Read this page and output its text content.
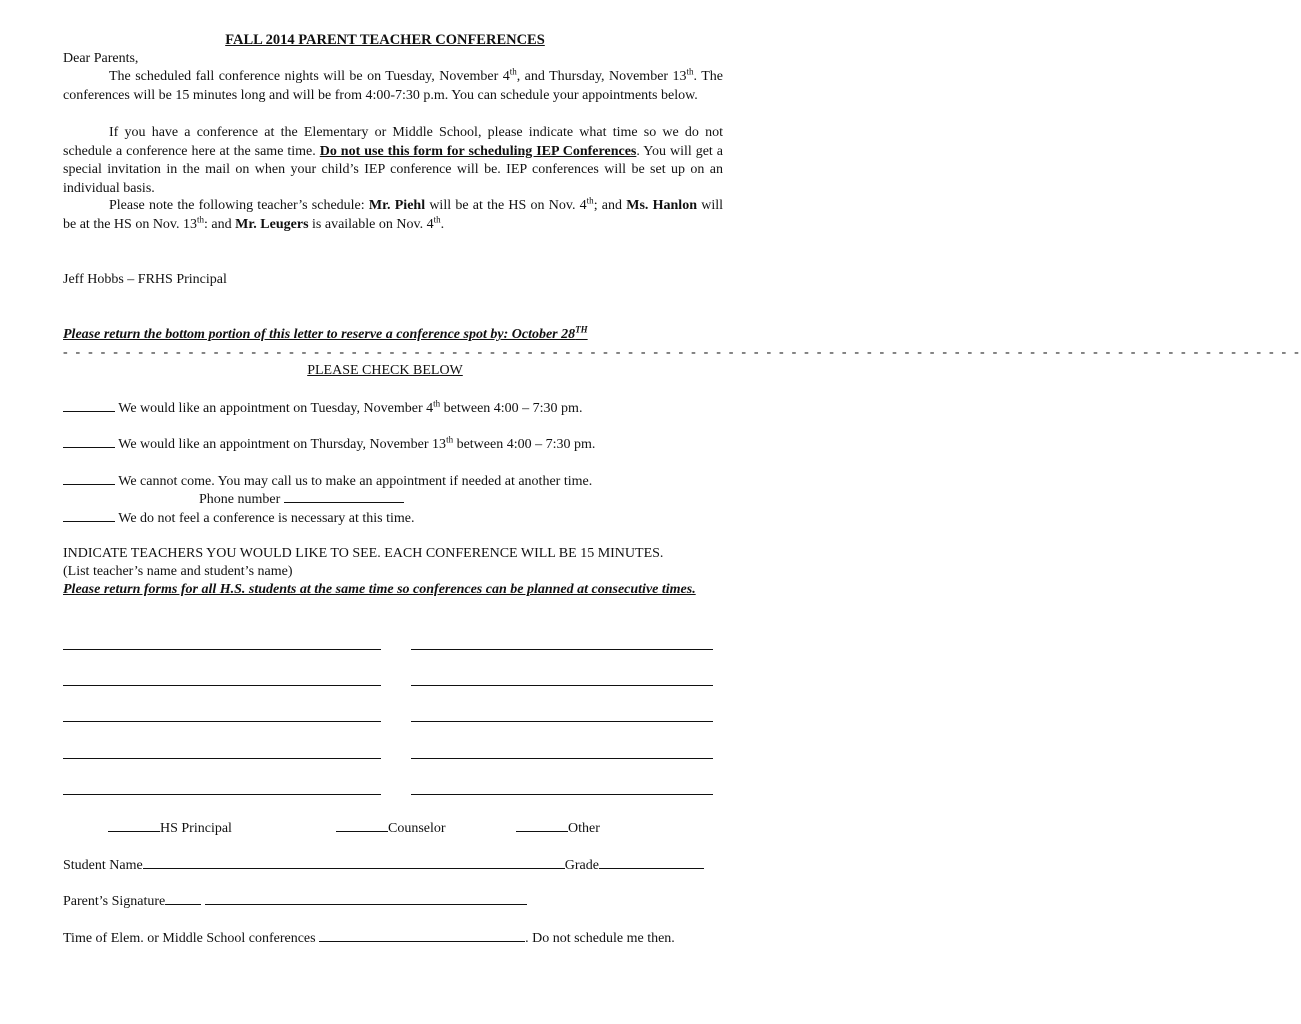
FALL 2014 PARENT TEACHER CONFERENCES
Dear Parents,
The scheduled fall conference nights will be on Tuesday, November 4th, and Thursday, November 13th. The conferences will be 15 minutes long and will be from 4:00-7:30 p.m. You can schedule your appointments below.
If you have a conference at the Elementary or Middle School, please indicate what time so we do not schedule a conference here at the same time. Do not use this form for scheduling IEP Conferences. You will get a special invitation in the mail on when your child’s IEP conference will be. IEP conferences will be set up on an individual basis.
Please note the following teacher’s schedule: Mr. Piehl will be at the HS on Nov. 4th; and Ms. Hanlon will be at the HS on Nov. 13th: and Mr. Leugers is available on Nov. 4th.
Jeff Hobbs – FRHS Principal
Please return the bottom portion of this letter to reserve a conference spot by: October 28TH
- - - - - - - - - - - - - - - - - - - - - - - - - - - - - - - - - - - - - - - - - - - - - - - - - - - - - - - - - - - - - - - - - - - - - - - - - - - - - - - - - - - - - - - - - - - - - - - - - - -
PLEASE CHECK BELOW
We would like an appointment on Tuesday, November 4th between 4:00 – 7:30 pm.
We would like an appointment on Thursday, November 13th between 4:00 – 7:30 pm.
We cannot come. You may call us to make an appointment if needed at another time.
Phone number
We do not feel a conference is necessary at this time.
INDICATE TEACHERS YOU WOULD LIKE TO SEE. EACH CONFERENCE WILL BE 15 MINUTES.
(List teacher’s name and student’s name)
Please return forms for all H.S. students at the same time so conferences can be planned at consecutive times.
HS Principal	Counselor	Other
Student Name	Grade
Parent’s Signature
Time of Elem. or Middle School conferences	. Do not schedule me then.
